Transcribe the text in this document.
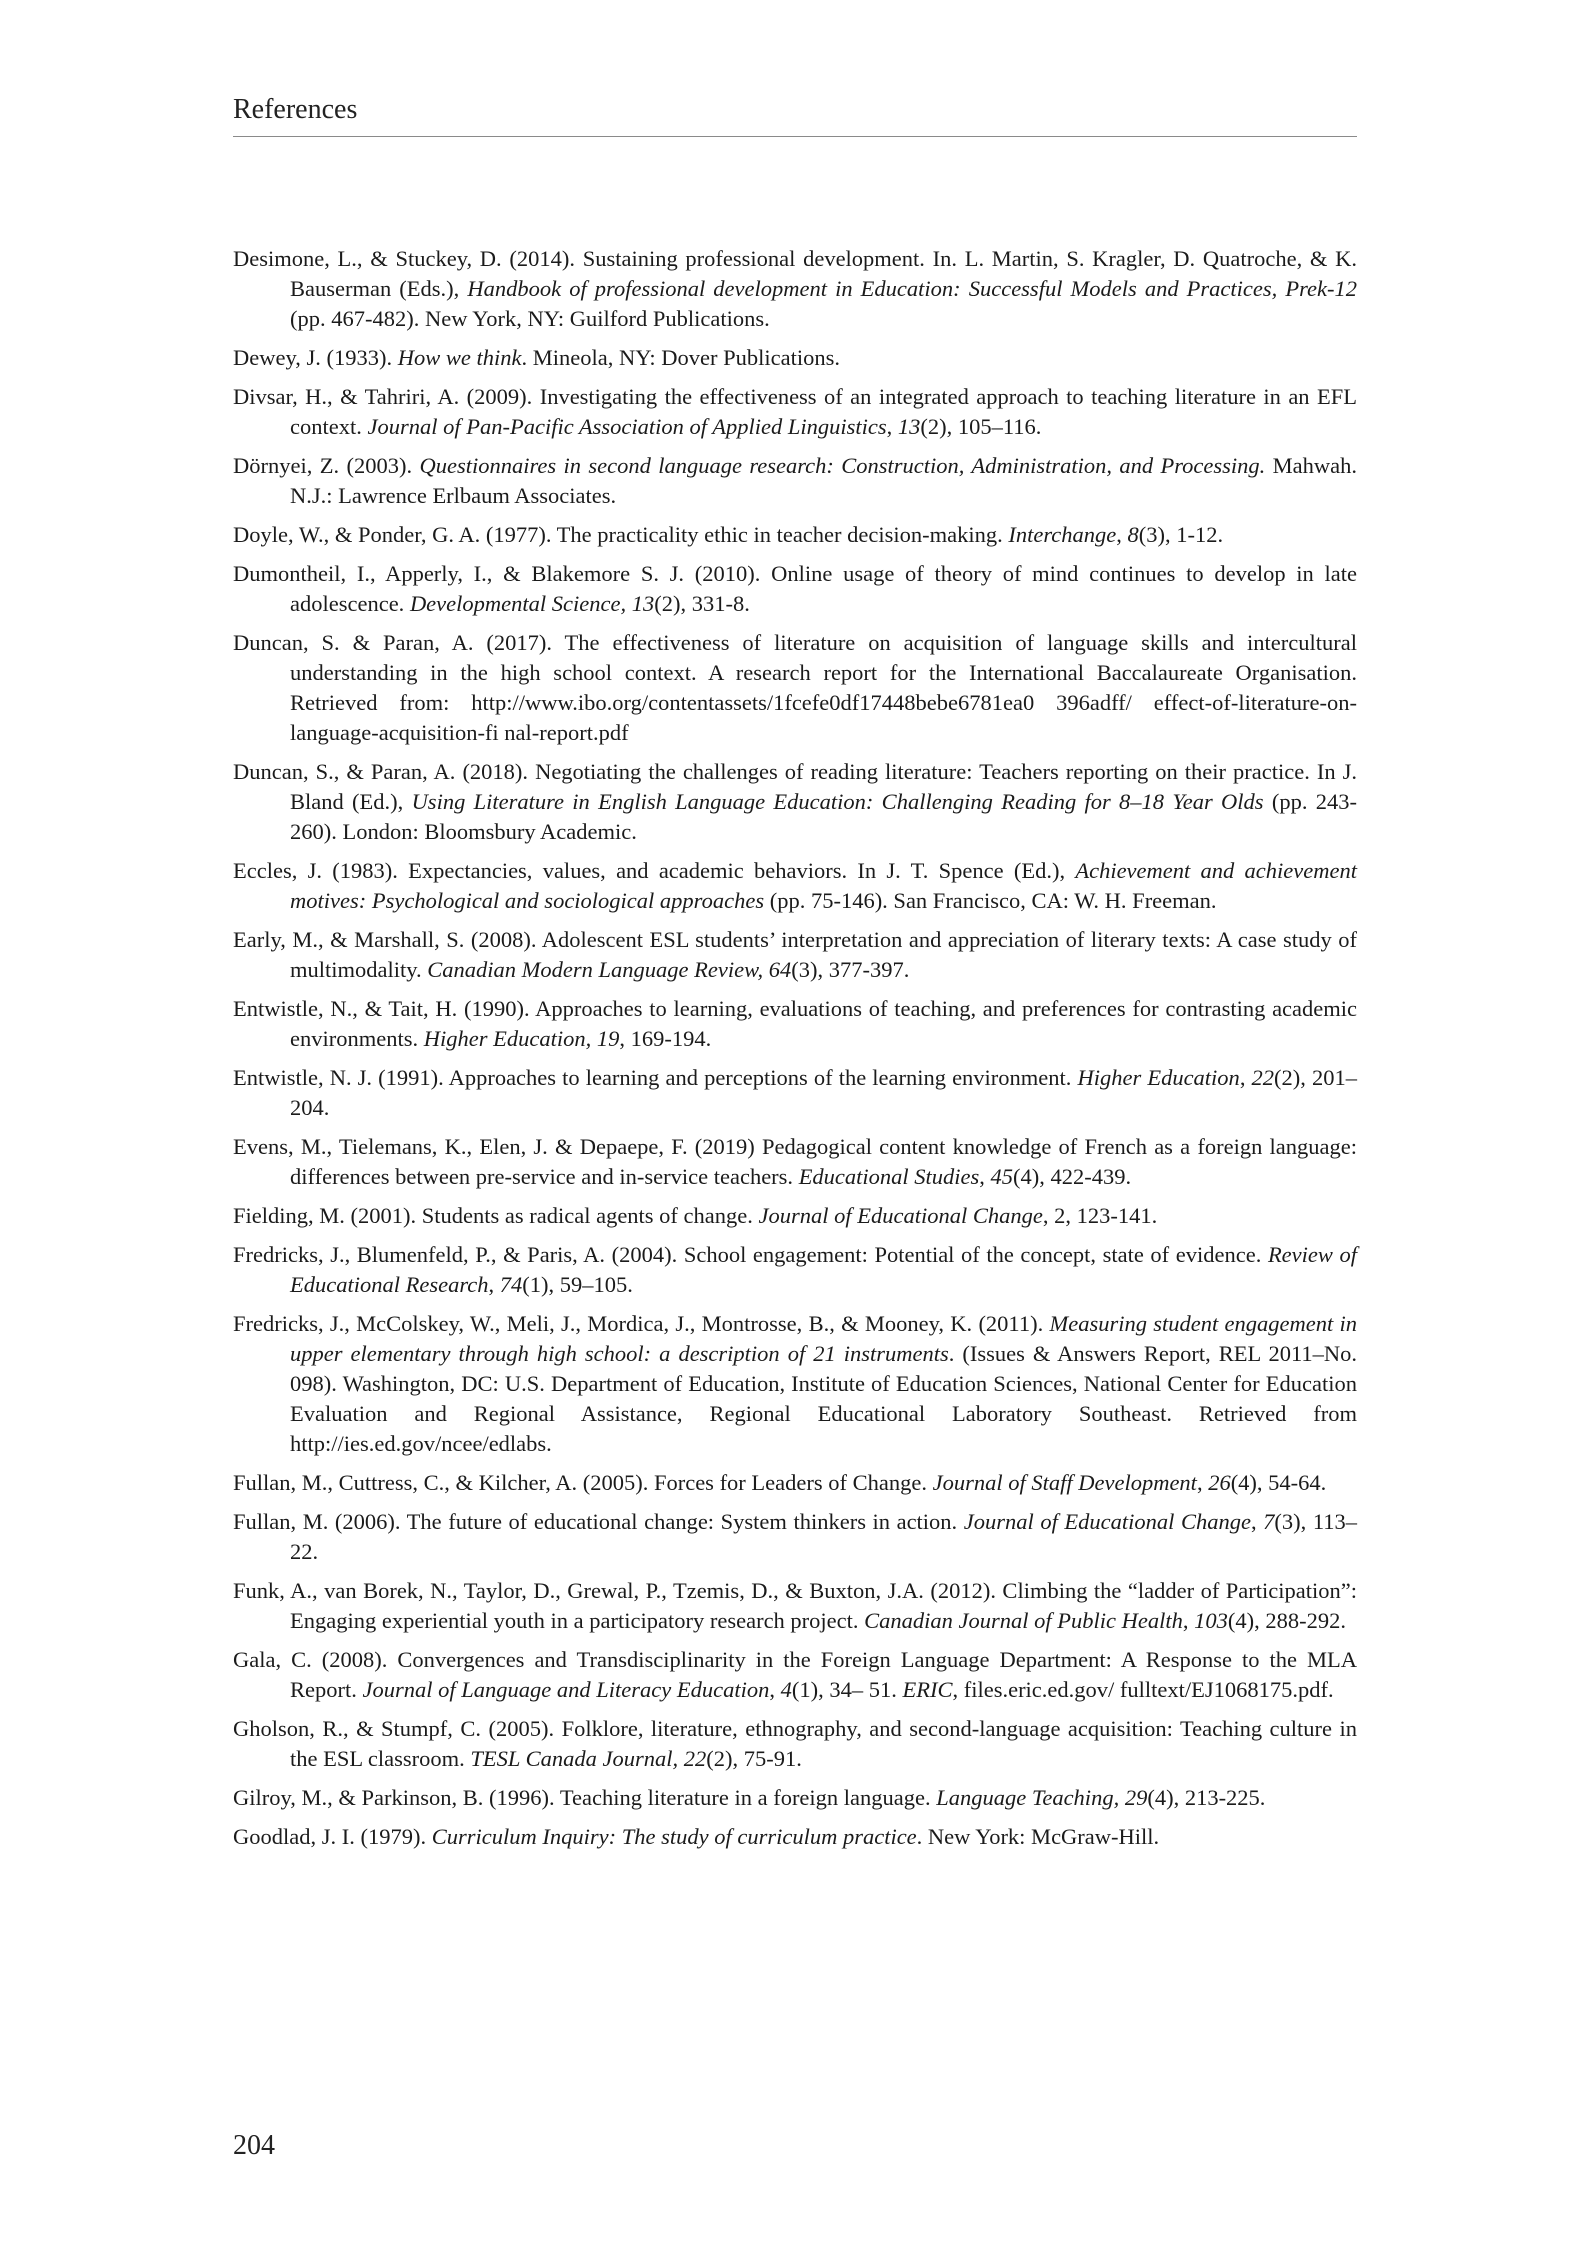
References
Desimone, L., & Stuckey, D. (2014). Sustaining professional development. In. L. Martin, S. Kragler, D. Quatroche, & K. Bauserman (Eds.), Handbook of professional development in Education: Successful Models and Practices, Prek-12 (pp. 467-482). New York, NY: Guilford Publications.
Dewey, J. (1933). How we think. Mineola, NY: Dover Publications.
Divsar, H., & Tahriri, A. (2009). Investigating the effectiveness of an integrated approach to teaching literature in an EFL context. Journal of Pan-Pacific Association of Applied Linguistics, 13(2), 105–116.
Dörnyei, Z. (2003). Questionnaires in second language research: Construction, Administration, and Processing. Mahwah. N.J.: Lawrence Erlbaum Associates.
Doyle, W., & Ponder, G. A. (1977). The practicality ethic in teacher decision-making. Interchange, 8(3), 1-12.
Dumontheil, I., Apperly, I., & Blakemore S. J. (2010). Online usage of theory of mind continues to develop in late adolescence. Developmental Science, 13(2), 331-8.
Duncan, S. & Paran, A. (2017). The effectiveness of literature on acquisition of language skills and intercultural understanding in the high school context. A research report for the International Baccalaureate Organisation. Retrieved from: http://www.ibo.org/contentassets/1fcefe0df17448bebe6781ea0 396adff/ effect-of-literature-on-language-acquisition-fi nal-report.pdf
Duncan, S., & Paran, A. (2018). Negotiating the challenges of reading literature: Teachers reporting on their practice. In J. Bland (Ed.), Using Literature in English Language Education: Challenging Reading for 8–18 Year Olds (pp. 243-260). London: Bloomsbury Academic.
Eccles, J. (1983). Expectancies, values, and academic behaviors. In J. T. Spence (Ed.), Achievement and achievement motives: Psychological and sociological approaches (pp. 75-146). San Francisco, CA: W. H. Freeman.
Early, M., & Marshall, S. (2008). Adolescent ESL students’ interpretation and appreciation of literary texts: A case study of multimodality. Canadian Modern Language Review, 64(3), 377-397.
Entwistle, N., & Tait, H. (1990). Approaches to learning, evaluations of teaching, and preferences for contrasting academic environments. Higher Education, 19, 169-194.
Entwistle, N. J. (1991). Approaches to learning and perceptions of the learning environment. Higher Education, 22(2), 201–204.
Evens, M., Tielemans, K., Elen, J. & Depaepe, F. (2019) Pedagogical content knowledge of French as a foreign language: differences between pre-service and in-service teachers. Educational Studies, 45(4), 422-439.
Fielding, M. (2001). Students as radical agents of change. Journal of Educational Change, 2, 123-141.
Fredricks, J., Blumenfeld, P., & Paris, A. (2004). School engagement: Potential of the concept, state of evidence. Review of Educational Research, 74(1), 59–105.
Fredricks, J., McColskey, W., Meli, J., Mordica, J., Montrosse, B., & Mooney, K. (2011). Measuring student engagement in upper elementary through high school: a description of 21 instruments. (Issues & Answers Report, REL 2011–No. 098). Washington, DC: U.S. Department of Education, Institute of Education Sciences, National Center for Education Evaluation and Regional Assistance, Regional Educational Laboratory Southeast. Retrieved from http://ies.ed.gov/ncee/edlabs.
Fullan, M., Cuttress, C., & Kilcher, A. (2005). Forces for Leaders of Change. Journal of Staff Development, 26(4), 54-64.
Fullan, M. (2006). The future of educational change: System thinkers in action. Journal of Educational Change, 7(3), 113–22.
Funk, A., van Borek, N., Taylor, D., Grewal, P., Tzemis, D., & Buxton, J.A. (2012). Climbing the “ladder of Participation”: Engaging experiential youth in a participatory research project. Canadian Journal of Public Health, 103(4), 288-292.
Gala, C. (2008). Convergences and Transdisciplinarity in the Foreign Language Department: A Response to the MLA Report. Journal of Language and Literacy Education, 4(1), 34– 51. ERIC, files.eric.ed.gov/ fulltext/EJ1068175.pdf.
Gholson, R., & Stumpf, C. (2005). Folklore, literature, ethnography, and second-language acquisition: Teaching culture in the ESL classroom. TESL Canada Journal, 22(2), 75-91.
Gilroy, M., & Parkinson, B. (1996). Teaching literature in a foreign language. Language Teaching, 29(4), 213-225.
Goodlad, J. I. (1979). Curriculum Inquiry: The study of curriculum practice. New York: McGraw-Hill.
204
